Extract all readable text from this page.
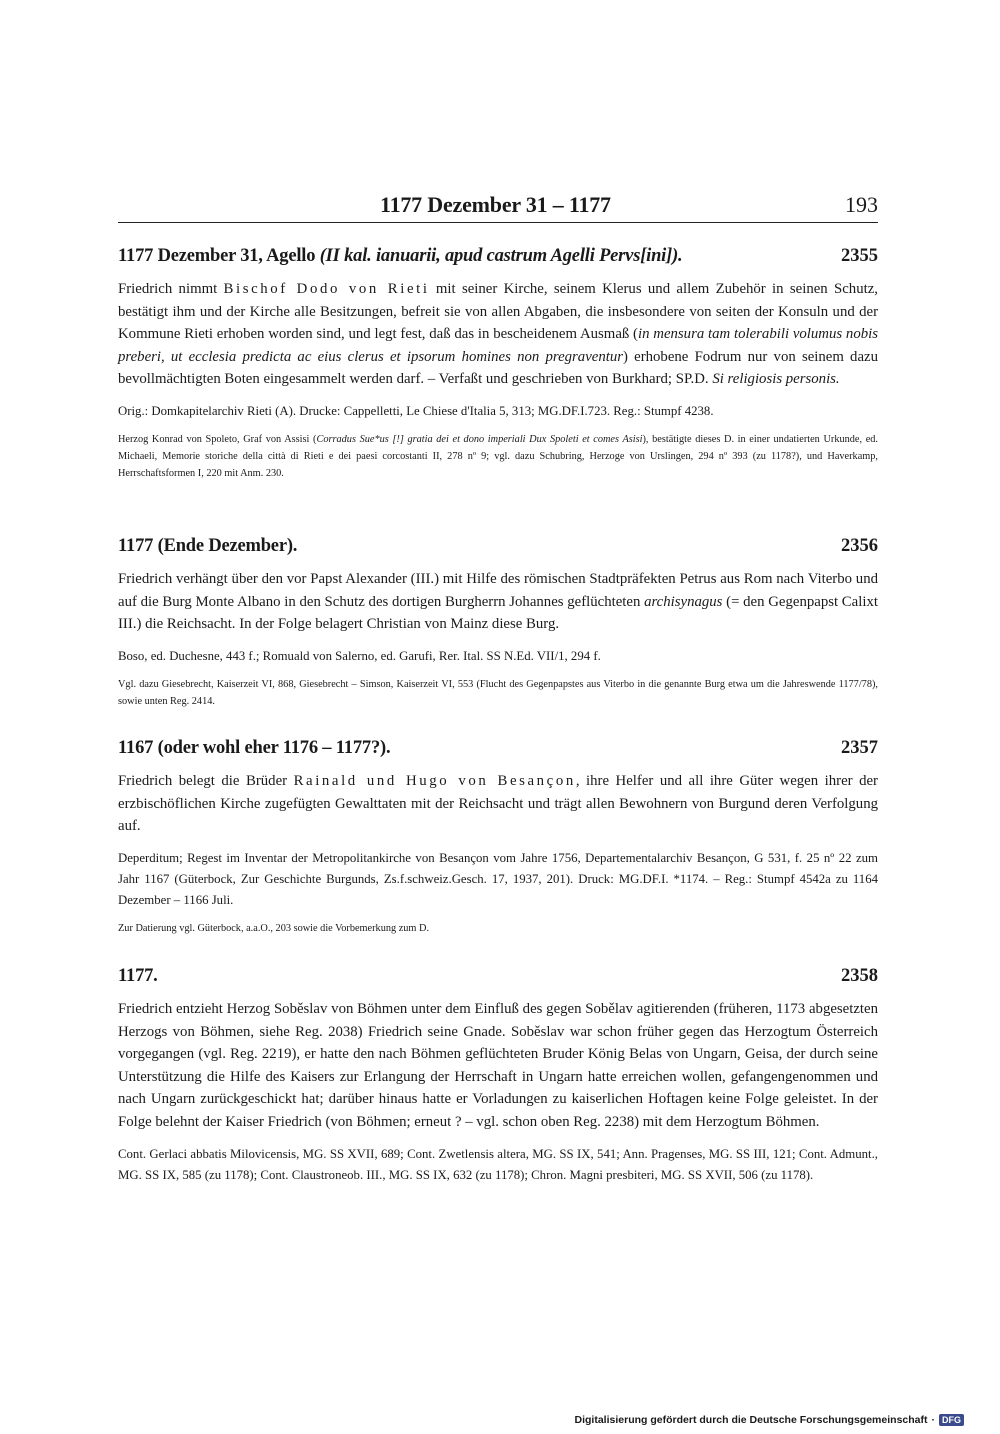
1177 Dezember 31 – 1177	193
1177 Dezember 31, Agello (II kal. ianuarii, apud castrum Agelli Pervs[ini]).	2355

Friedrich nimmt Bischof Dodo von Rieti mit seiner Kirche, seinem Klerus und allem Zubehör in seinen Schutz, bestätigt ihm und der Kirche alle Besitzungen, befreit sie von allen Abgaben, die insbesondere von seiten der Konsuln und der Kommune Rieti erhoben worden sind, und legt fest, daß das in bescheidenem Ausmaß (in mensura tam tolerabili volumus nobis preberi, ut ecclesia predicta ac eius clerus et ipsorum homines non pregraventur) erhobene Fodrum nur von seinem dazu bevollmächtigten Boten eingesammelt werden darf. – Verfaßt und geschrieben von Burkhard; SP.D. Si religiosis personis.

Orig.: Domkapitelarchiv Rieti (A). Drucke: Cappelletti, Le Chiese d'Italia 5, 313; MG.DF.I.723. Reg.: Stumpf 4238.

Herzog Konrad von Spoleto, Graf von Assisi (Corradus Sue*us [!] gratia dei et dono imperiali Dux Spoleti et comes Asisi), bestätigte dieses D. in einer undatierten Urkunde, ed. Michaeli, Memorie storiche della città di Rieti e dei paesi corcostanti II, 278 nº 9; vgl. dazu Schubring, Herzoge von Urslingen, 294 nº 393 (zu 1178?), und Haverkamp, Herrschaftsformen I, 220 mit Anm. 230.

1177 (Ende Dezember).	2356

Friedrich verhängt über den vor Papst Alexander (III.) mit Hilfe des römischen Stadtpräfekten Petrus aus Rom nach Viterbo und auf die Burg Monte Albano in den Schutz des dortigen Burgherrn Johannes geflüchteten archisynagus (= den Gegenpapst Calixt III.) die Reichsacht. In der Folge belagert Christian von Mainz diese Burg.

Boso, ed. Duchesne, 443 f.; Romuald von Salerno, ed. Garufi, Rer. Ital. SS N.Ed. VII/1, 294 f.

Vgl. dazu Giesebrecht, Kaiserzeit VI, 868, Giesebrecht – Simson, Kaiserzeit VI, 553 (Flucht des Gegenpapstes aus Viterbo in die genannte Burg etwa um die Jahreswende 1177/78), sowie unten Reg. 2414.

1167 (oder wohl eher 1176 – 1177?).	2357

Friedrich belegt die Brüder Rainald und Hugo von Besançon, ihre Helfer und all ihre Güter wegen ihrer der erzbischöflichen Kirche zugefügten Gewalttaten mit der Reichsacht und trägt allen Bewohnern von Burgund deren Verfolgung auf.

Deperditum; Regest im Inventar der Metropolitankirche von Besançon vom Jahre 1756, Departementalarchiv Besançon, G 531, f. 25 nº 22 zum Jahr 1167 (Güterbock, Zur Geschichte Burgunds, Zs.f.schweiz.Gesch. 17, 1937, 201). Druck: MG.DF.I. *1174. – Reg.: Stumpf 4542a zu 1164 Dezember – 1166 Juli.

Zur Datierung vgl. Güterbock, a.a.O., 203 sowie die Vorbemerkung zum D.

1177.	2358

Friedrich entzieht Herzog Soběslav von Böhmen unter dem Einfluß des gegen Sobělav agitierenden (früheren, 1173 abgesetzten Herzogs von Böhmen, siehe Reg. 2038) Friedrich seine Gnade. Soběslav war schon früher gegen das Herzogtum Österreich vorgegangen (vgl. Reg. 2219), er hatte den nach Böhmen geflüchteten Bruder König Belas von Ungarn, Geisa, der durch seine Unterstützung die Hilfe des Kaisers zur Erlangung der Herrschaft in Ungarn hatte erreichen wollen, gefangengenommen und nach Ungarn zurückgeschickt hat; darüber hinaus hatte er Vorladungen zu kaiserlichen Hoftagen keine Folge geleistet. In der Folge belehnt der Kaiser Friedrich (von Böhmen; erneut ? – vgl. schon oben Reg. 2238) mit dem Herzogtum Böhmen.

Cont. Gerlaci abbatis Milovicensis, MG. SS XVII, 689; Cont. Zwetlensis altera, MG. SS IX, 541; Ann. Pragenses, MG. SS III, 121; Cont. Admunt., MG. SS IX, 585 (zu 1178); Cont. Claustroneob. III., MG. SS IX, 632 (zu 1178); Chron. Magni presbiteri, MG. SS XVII, 506 (zu 1178).

Digitalisierung gefördert durch die Deutsche Forschungsgemeinschaft · DFG
